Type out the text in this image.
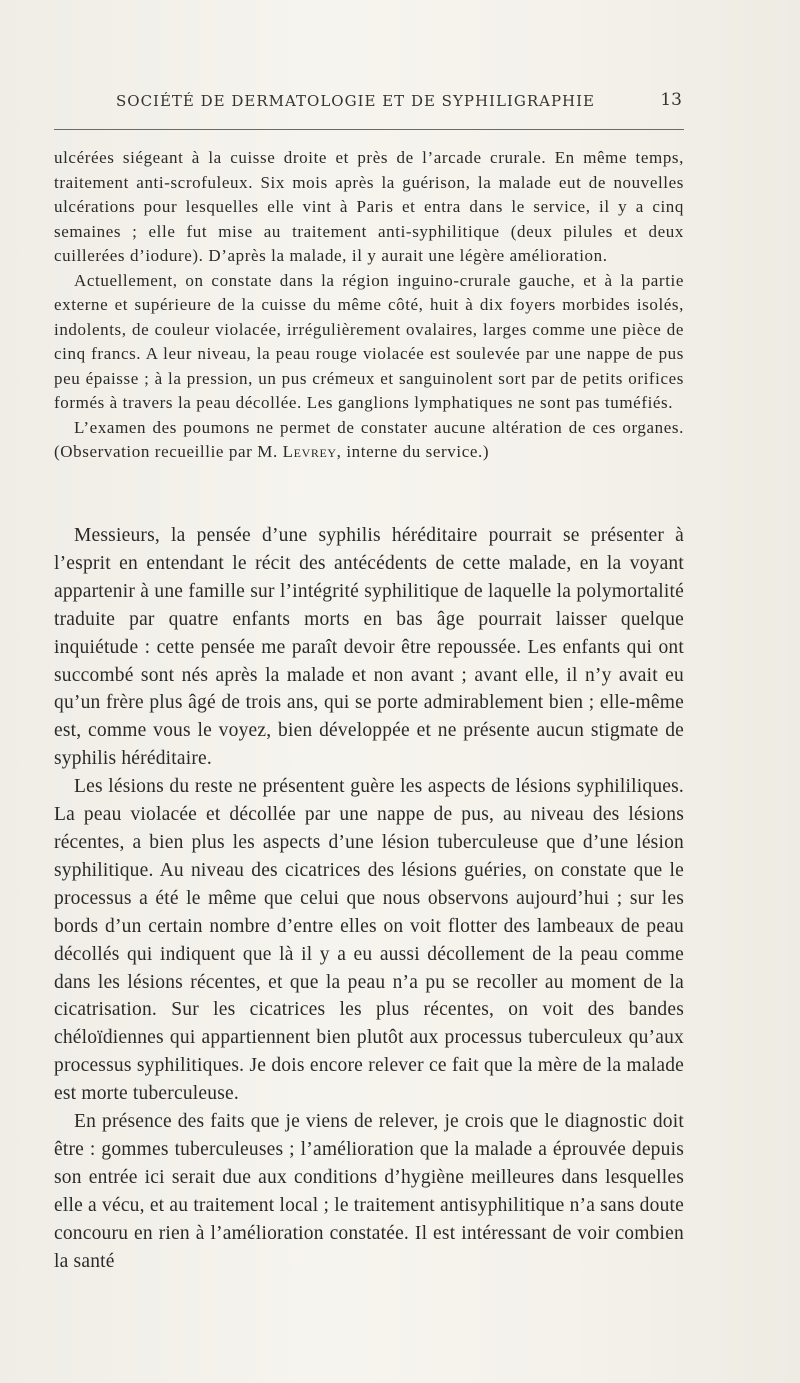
SOCIÉTÉ DE DERMATOLOGIE ET DE SYPHILIGRAPHIE	13

ulcérées siégeant à la cuisse droite et près de l’arcade crurale. En même temps, traitement anti-scrofuleux. Six mois après la guérison, la malade eut de nouvelles ulcérations pour lesquelles elle vint à Paris et entra dans le service, il y a cinq semaines ; elle fut mise au traitement anti-syphilitique (deux pilules et deux cuillerées d’iodure). D’après la malade, il y aurait une légère amélioration.

Actuellement, on constate dans la région inguino-crurale gauche, et à la partie externe et supérieure de la cuisse du même côté, huit à dix foyers morbides isolés, indolents, de couleur violacée, irrégulièrement ovalaires, larges comme une pièce de cinq francs. A leur niveau, la peau rouge violacée est soulevée par une nappe de pus peu épaisse ; à la pression, un pus crémeux et sanguinolent sort par de petits orifices formés à travers la peau décollée. Les ganglions lymphatiques ne sont pas tuméfiés.

L’examen des poumons ne permet de constater aucune altération de ces organes. (Observation recueillie par M. Levrey, interne du service.)

Messieurs, la pensée d’une syphilis héréditaire pourrait se présenter à l’esprit en entendant le récit des antécédents de cette malade, en la voyant appartenir à une famille sur l’intégrité syphilitique de laquelle la polymortalité traduite par quatre enfants morts en bas âge pourrait laisser quelque inquiétude : cette pensée me paraît devoir être repoussée. Les enfants qui ont succombé sont nés après la malade et non avant ; avant elle, il n’y avait eu qu’un frère plus âgé de trois ans, qui se porte admirablement bien ; elle-même est, comme vous le voyez, bien développée et ne présente aucun stigmate de syphilis héréditaire.

Les lésions du reste ne présentent guère les aspects de lésions syphililiques. La peau violacée et décollée par une nappe de pus, au niveau des lésions récentes, a bien plus les aspects d’une lésion tuberculeuse que d’une lésion syphilitique. Au niveau des cicatrices des lésions guéries, on constate que le processus a été le même que celui que nous observons aujourd’hui ; sur les bords d’un certain nombre d’entre elles on voit flotter des lambeaux de peau décollés qui indiquent que là il y a eu aussi décollement de la peau comme dans les lésions récentes, et que la peau n’a pu se recoller au moment de la cicatrisation. Sur les cicatrices les plus récentes, on voit des bandes chéloïdiennes qui appartiennent bien plutôt aux processus tuberculeux qu’aux processus syphilitiques. Je dois encore relever ce fait que la mère de la malade est morte tuberculeuse.

En présence des faits que je viens de relever, je crois que le diagnostic doit être : gommes tuberculeuses ; l’amélioration que la malade a éprouvée depuis son entrée ici serait due aux conditions d’hygiène meilleures dans lesquelles elle a vécu, et au traitement local ; le traitement antisyphilitique n’a sans doute concouru en rien à l’amélioration constatée. Il est intéressant de voir combien la santé
